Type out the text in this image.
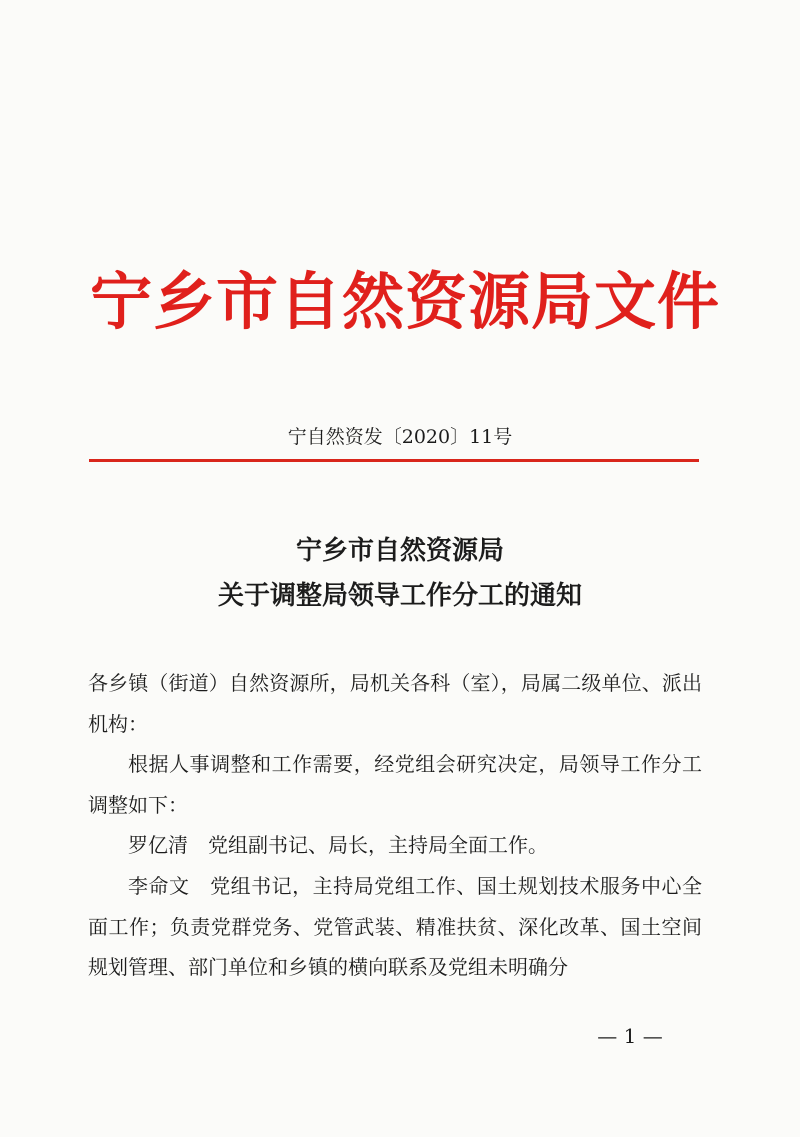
宁乡市自然资源局文件
宁自然资发〔2020〕11号
宁乡市自然资源局
关于调整局领导工作分工的通知

各乡镇（街道）自然资源所，局机关各科（室），局属二级单位、派出机构：

根据人事调整和工作需要，经党组会研究决定，局领导工作分工调整如下：

罗亿清　党组副书记、局长，主持局全面工作。

李命文　党组书记，主持局党组工作、国土规划技术服务中心全面工作；负责党群党务、党管武装、精准扶贫、深化改革、国土空间规划管理、部门单位和乡镇的横向联系及党组未明确分

— 1 —
